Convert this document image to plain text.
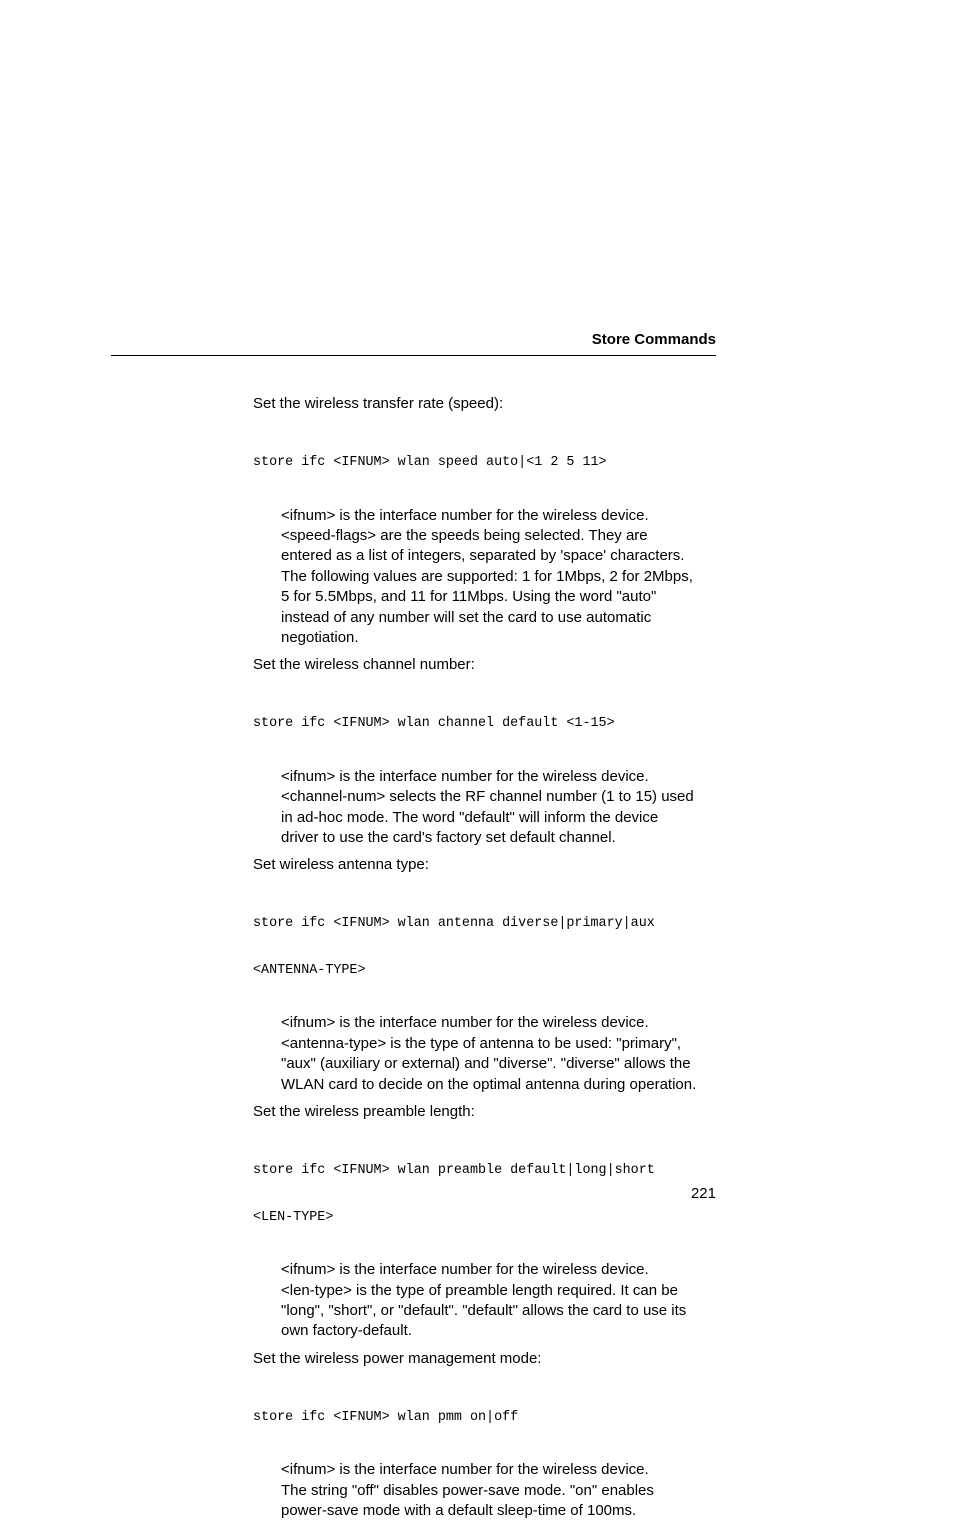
Store Commands

Set the wireless transfer rate (speed):

store ifc <IFNUM> wlan speed auto|<1 2 5 11>

<ifnum> is the interface number for the wireless device.
<speed-flags> are the speeds being selected. They are
entered as a list of integers, separated by 'space' characters.
The following values are supported: 1 for 1Mbps, 2 for 2Mbps,
5 for 5.5Mbps, and 11 for 11Mbps. Using the word "auto"
instead of any number will set the card to use automatic
negotiation.

Set the wireless channel number:

store ifc <IFNUM> wlan channel default <1-15>

<ifnum> is the interface number for the wireless device.
<channel-num> selects the RF channel number (1 to 15) used
in ad-hoc mode. The word "default" will inform the device
driver to use the card's factory set default channel.

Set wireless antenna type:

store ifc <IFNUM> wlan antenna diverse|primary|aux

<ANTENNA-TYPE>

<ifnum> is the interface number for the wireless device.
<antenna-type> is the type of antenna to be used: "primary",
"aux" (auxiliary or external) and "diverse". "diverse" allows the
WLAN card to decide on the optimal antenna during operation.

Set the wireless preamble length:

store ifc <IFNUM> wlan preamble default|long|short

<LEN-TYPE>

<ifnum> is the interface number for the wireless device.
<len-type> is the type of preamble length required. It can be
"long", "short", or "default". "default" allows the card to use its
own factory-default.

Set the wireless power management mode:

store ifc <IFNUM> wlan pmm on|off

<ifnum> is the interface number for the wireless device.
The string "off" disables power-save mode. "on" enables
power-save mode with a default sleep-time of 100ms.
221
